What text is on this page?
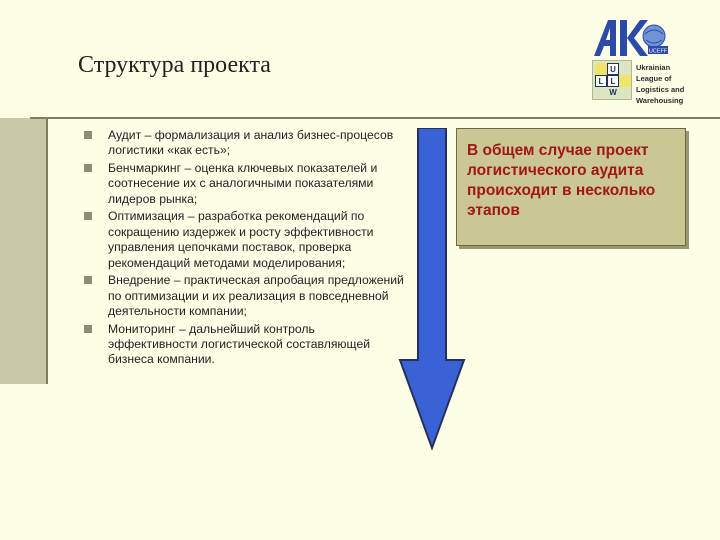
Структура проекта
UCEFF
U
L L
W
Ukrainian League of Logistics and Warehousing
Аудит – формализация и анализ бизнес-процесов логистики «как есть»;
Бенчмаркинг – оценка ключевых показателей и соотнесение их с аналогичными показателями лидеров рынка;
Оптимизация – разработка рекомендаций по сокращению издержек и росту эффективности управления цепочками поставок, проверка рекомендаций методами моделирования;
Внедрение – практическая апробация предложений по оптимизации и их реализация в повседневной деятельности компании;
Мониторинг – дальнейший контроль эффективности логистической составляющей бизнеса компании.
В общем случае проект логистического аудита происходит в несколько этапов
